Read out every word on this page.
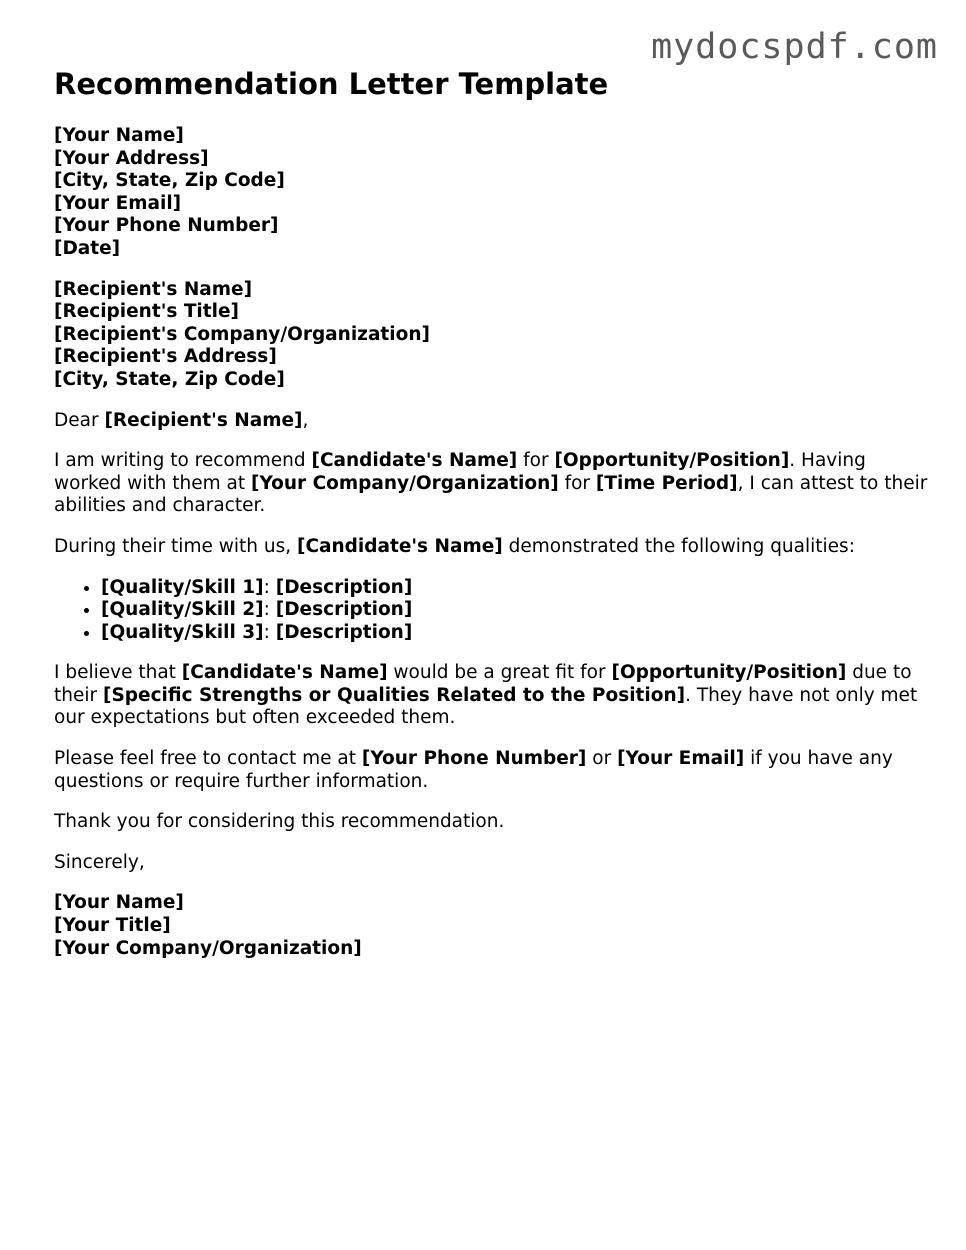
mydocspdf.com
Recommendation Letter Template
[Your Name]
[Your Address]
[City, State, Zip Code]
[Your Email]
[Your Phone Number]
[Date]
[Recipient's Name]
[Recipient's Title]
[Recipient's Company/Organization]
[Recipient's Address]
[City, State, Zip Code]

Dear [Recipient's Name],

I am writing to recommend [Candidate's Name] for [Opportunity/Position]. Having worked with them at [Your Company/Organization] for [Time Period], I can attest to their abilities and character.

During their time with us, [Candidate's Name] demonstrated the following qualities:

• [Quality/Skill 1]: [Description]
• [Quality/Skill 2]: [Description]
• [Quality/Skill 3]: [Description]

I believe that [Candidate's Name] would be a great fit for [Opportunity/Position] due to their [Specific Strengths or Qualities Related to the Position]. They have not only met our expectations but often exceeded them.

Please feel free to contact me at [Your Phone Number] or [Your Email] if you have any questions or require further information.

Thank you for considering this recommendation.

Sincerely,

[Your Name]
[Your Title]
[Your Company/Organization]
